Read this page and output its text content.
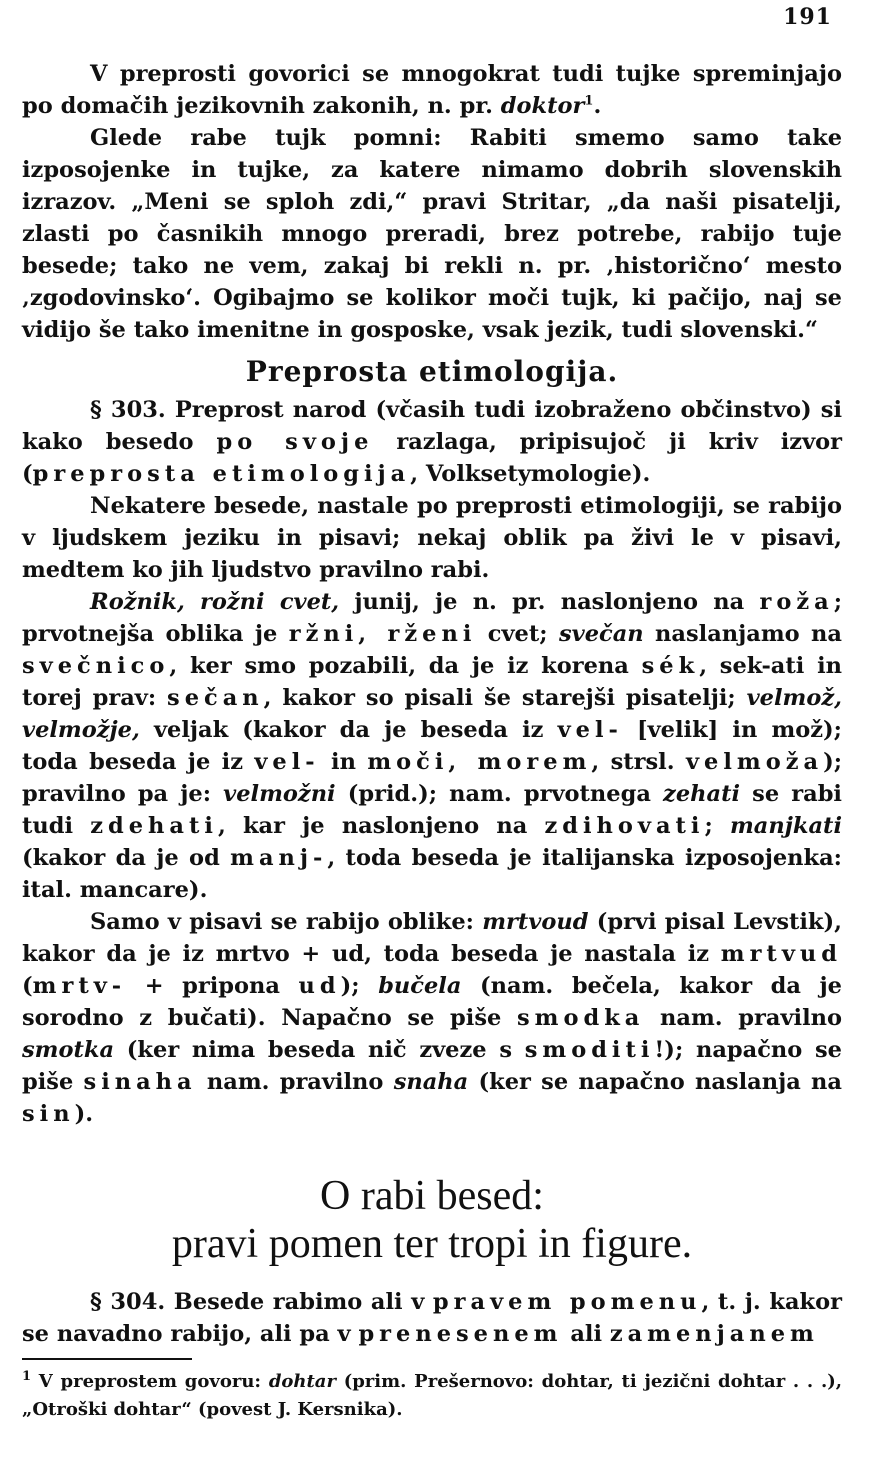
191

V preprosti govorici se mnogokrat tudi tujke spreminjajo po domačih jezikovnih zakonih, n. pr. doktor$^1$.

Glede rabe tujk pomni: Rabiti smemo samo take izposojenke in tujke, za katere nimamo dobrih slovenskih izrazov. „Meni se sploh zdi,“ pravi Stritar, „da naši pisatelji, zlasti po časnikih mnogo preradi, brez potrebe, rabijo tuje besede; tako ne vem, zakaj bi rekli n. pr. ‚historično‘ mesto ‚zgodovinsko‘. Ogibajmo se kolikor moči tujk, ki pačijo, naj se vidijo še tako imenitne in gosposke, vsak jezik, tudi slovenski.“

Preprosta etimologija.

§ 303. Preprost narod (včasih tudi izobraženo občinstvo) si kako besedo po svoje razlaga, pripisujoč ji kriv izvor (preprosta etimologija, Volksetymologie).

Nekatere besede, nastale po preprosti etimologiji, se rabijo v ljudskem jeziku in pisavi; nekaj oblik pa živi le v pisavi, medtem ko jih ljudstvo pravilno rabi.

Rožnik, rožni cvet, junij, je n. pr. naslonjeno na roža; prvotnejša oblika je ržni, rženi cvet; svečan naslanjamo na svečnico, ker smo pozabili, da je iz korena sék, sek-ati in torej prav: sečan, kakor so pisali še starejši pisatelji; velmož, velmožje, veljak (kakor da je beseda iz vel- [velik] in mož); toda beseda je iz vel- in moči, morem, strsl. velmoža); pravilno pa je: velmožni (prid.); nam. prvotnega zehati se rabi tudi zdehati, kar je naslonjeno na zdihovati; manjkati (kakor da je od manj-, toda beseda je italijanska izposojenka: ital. mancare).

Samo v pisavi se rabijo oblike: mrtvoud (prvi pisal Levstik), kakor da je iz mrtvo + ud, toda beseda je nastala iz mrtvud (mrtv- + pripona ud); bučela (nam. bečela, kakor da je sorodno z bučati). Napačno se piše smodka nam. pravilno smotka (ker nima beseda nič zveze s smoditi!); napačno se piše sinaha nam. pravilno snaha (ker se napačno naslanja na sin).

O rabi besed:
pravi pomen ter tropi in figure.

§ 304. Besede rabimo ali v pravem pomenu, t. j. kakor se navadno rabijo, ali pa v prenesenem ali zamenjanem

$^1$ V preprostem govoru: dohtar (prim. Prešernovo: dohtar, ti jezični dohtar . . .), „Otroški dohtar“ (povest J. Kersnika).
